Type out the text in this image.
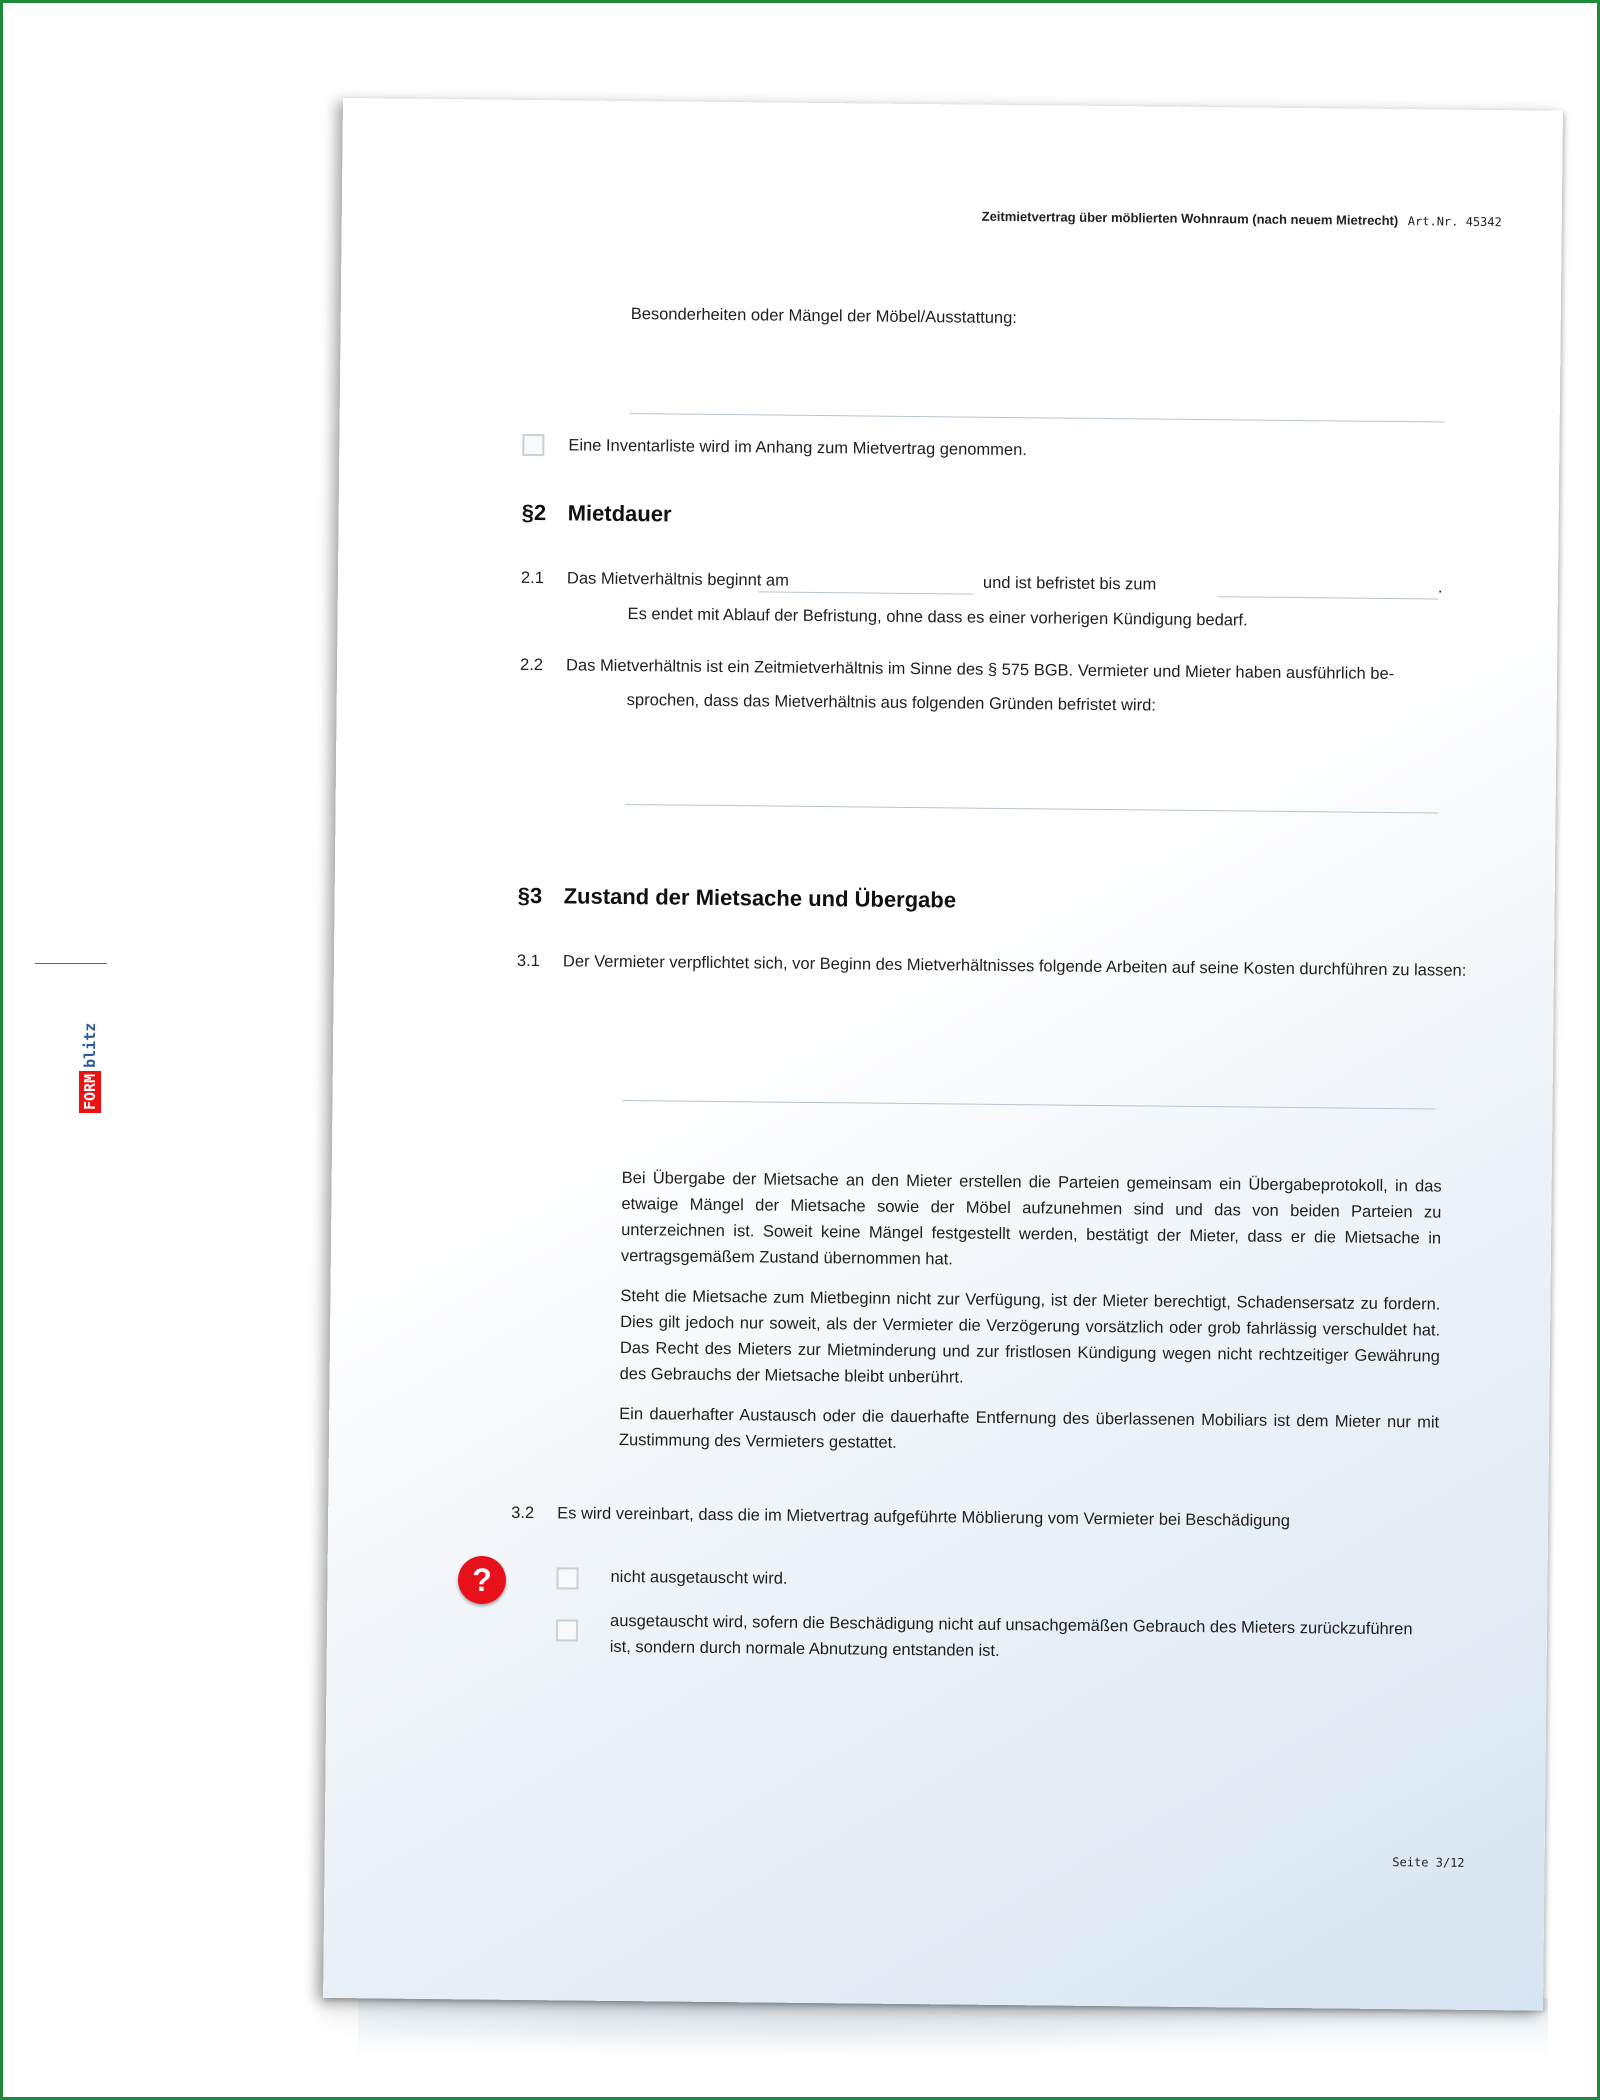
Zeitmietvertrag über möblierten Wohnraum (nach neuem Mietrecht) Art.Nr. 45342
Besonderheiten oder Mängel der Möbel/Ausstattung:
Eine Inventarliste wird im Anhang zum Mietvertrag genommen.
§2 Mietdauer
2.1 Das Mietverhältnis beginnt am	und ist befristet bis zum	.
Es endet mit Ablauf der Befristung, ohne dass es einer vorherigen Kündigung bedarf.
2.2 Das Mietverhältnis ist ein Zeitmietverhältnis im Sinne des § 575 BGB. Vermieter und Mieter haben ausführlich be-
sprochen, dass das Mietverhältnis aus folgenden Gründen befristet wird:
§3 Zustand der Mietsache und Übergabe
3.1 Der Vermieter verpflichtet sich, vor Beginn des Mietverhältnisses folgende Arbeiten auf seine Kosten durchführen zu lassen:
Bei Übergabe der Mietsache an den Mieter erstellen die Parteien gemeinsam ein Übergabeprotokoll, in das etwaige Mängel der Mietsache sowie der Möbel aufzunehmen sind und das von beiden Parteien zu unterzeichnen ist. Soweit keine Mängel festgestellt werden, bestätigt der Mieter, dass er die Mietsache in vertragsgemäßem Zustand übernommen hat.
Steht die Mietsache zum Mietbeginn nicht zur Verfügung, ist der Mieter berechtigt, Schadensersatz zu fordern. Dies gilt jedoch nur soweit, als der Vermieter die Verzögerung vorsätzlich oder grob fahrlässig verschuldet hat. Das Recht des Mieters zur Mietminderung und zur fristlosen Kündigung wegen nicht rechtzeitiger Gewährung des Gebrauchs der Mietsache bleibt unberührt.
Ein dauerhafter Austausch oder die dauerhafte Entfernung des überlassenen Mobiliars ist dem Mieter nur mit Zustimmung des Vermieters gestattet.
3.2 Es wird vereinbart, dass die im Mietvertrag aufgeführte Möblierung vom Vermieter bei Beschädigung
nicht ausgetauscht wird.
ausgetauscht wird, sofern die Beschädigung nicht auf unsachgemäßen Gebrauch des Mieters zurückzuführen
ist, sondern durch normale Abnutzung entstanden ist.
Seite 3/12
FORMblitz
?
